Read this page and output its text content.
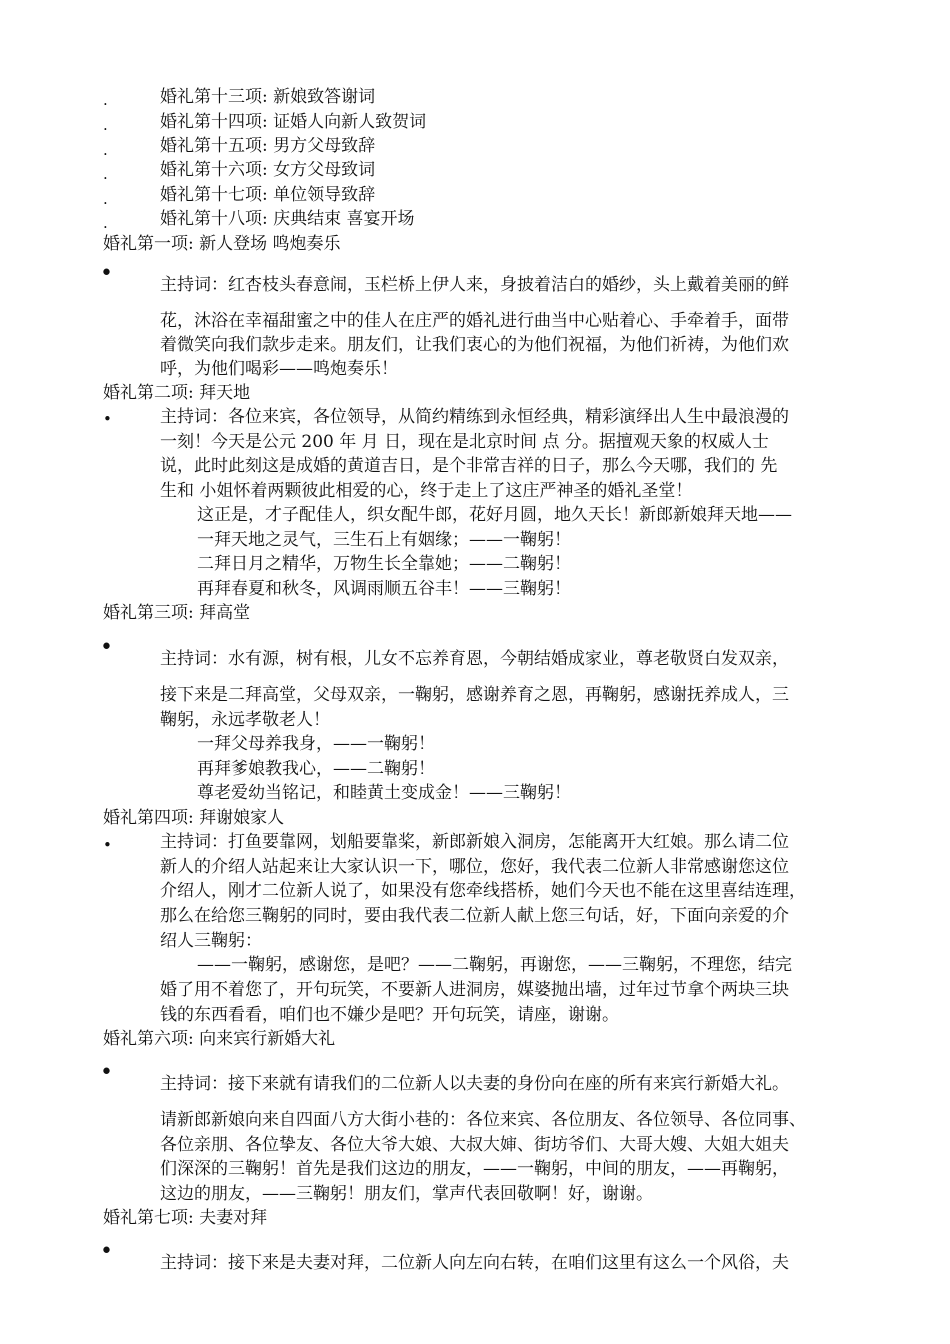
.	婚礼第十三项: 新娘致答谢词
.	婚礼第十四项: 证婚人向新人致贺词
.	婚礼第十五项: 男方父母致辞
.	婚礼第十六项: 女方父母致词
.	婚礼第十七项: 单位领导致辞
.	婚礼第十八项: 庆典结束 喜宴开场
婚礼第一项: 新人登场 鸣炮奏乐
•	主持词：红杏枝头春意闹，玉栏桥上伊人来，身披着洁白的婚纱，头上戴着美丽的鲜
花，沐浴在幸福甜蜜之中的佳人在庄严的婚礼进行曲当中心贴着心、手牵着手，面带
着微笑向我们款步走来。朋友们，让我们衷心的为他们祝福，为他们祈祷，为他们欢
呼，为他们喝彩——鸣炮奏乐！
婚礼第二项: 拜天地
•	主持词：各位来宾，各位领导，从简约精练到永恒经典，精彩演绎出人生中最浪漫的
一刻！今天是公元 200 年 月 日，现在是北京时间 点 分。据擅观天象的权威人士
说，此时此刻这是成婚的黄道吉日，是个非常吉祥的日子，那么今天哪，我们的 先
生和 小姐怀着两颗彼此相爱的心，终于走上了这庄严神圣的婚礼圣堂！
这正是，才子配佳人，织女配牛郎，花好月圆，地久天长！新郎新娘拜天地——
一拜天地之灵气，三生石上有姻缘；——一鞠躬！
二拜日月之精华，万物生长全靠她；——二鞠躬！
再拜春夏和秋冬，风调雨顺五谷丰！——三鞠躬！
婚礼第三项: 拜高堂
•	主持词：水有源，树有根，儿女不忘养育恩，今朝结婚成家业，尊老敬贤白发双亲，
接下来是二拜高堂，父母双亲，一鞠躬，感谢养育之恩，再鞠躬，感谢抚养成人，三
鞠躬，永远孝敬老人！
一拜父母养我身，——一鞠躬！
再拜爹娘教我心，——二鞠躬！
尊老爱幼当铭记，和睦黄土变成金！——三鞠躬！
婚礼第四项: 拜谢娘家人
•	主持词：打鱼要靠网，划船要靠桨，新郎新娘入洞房，怎能离开大红娘。那么请二位
新人的介绍人站起来让大家认识一下，哪位，您好，我代表二位新人非常感谢您这位
介绍人，刚才二位新人说了，如果没有您牵线搭桥，她们今天也不能在这里喜结连理，
那么在给您三鞠躬的同时，要由我代表二位新人献上您三句话，好，下面向亲爱的介
绍人三鞠躬：
——一鞠躬，感谢您，是吧？——二鞠躬，再谢您，——三鞠躬，不理您，结完
婚了用不着您了，开句玩笑，不要新人进洞房，媒婆抛出墙，过年过节拿个两块三块
钱的东西看看，咱们也不嫌少是吧？开句玩笑，请座，谢谢。
婚礼第六项: 向来宾行新婚大礼
•	主持词：接下来就有请我们的二位新人以夫妻的身份向在座的所有来宾行新婚大礼。
请新郎新娘向来自四面八方大街小巷的：各位来宾、各位朋友、各位领导、各位同事、
各位亲朋、各位挚友、各位大爷大娘、大叔大婶、街坊爷们、大哥大嫂、大姐大姐夫
们深深的三鞠躬！首先是我们这边的朋友，——一鞠躬，中间的朋友，——再鞠躬，
这边的朋友，——三鞠躬！朋友们，掌声代表回敬啊！好，谢谢。
婚礼第七项: 夫妻对拜
•	主持词：接下来是夫妻对拜，二位新人向左向右转，在咱们这里有这么一个风俗，夫
